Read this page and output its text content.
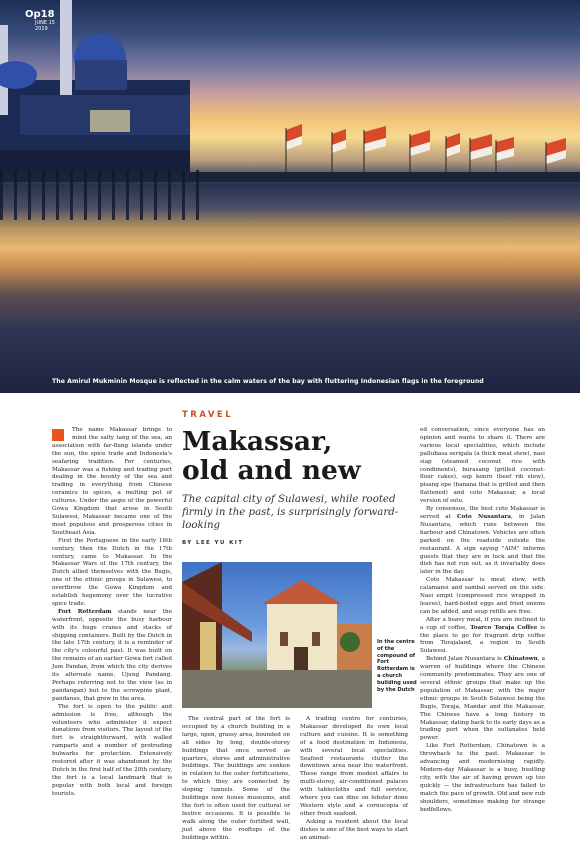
Op18
JUNE 15
2019
The Amirul Mukminin Mosque is reflected in the calm waters of the bay with fluttering Indonesian flags in the foreground
TRAVEL
Makassar,
old and new
The capital city of Sulawesi, while rooted firmly in the past, is surprisingly forward-looking
BY LEE YU KIT

The name Makassar brings to mind the salty tang of the sea, an association with far-flung islands under the sun, the spice trade and Indonesia's seafaring tradition. For centuries, Makassar was a fishing and trading port dealing in the bounty of the sea and trading in everything from Chinese ceramics to spices, a melting pot of cultures. Under the aegis of the powerful Gowa Kingdom that arose in South Sulawesi, Makassar became one of the most populous and prosperous cities in Southeast Asia.

First the Portuguese in the early 16th century, then the Dutch in the 17th century, came to Makassar. In the Makassar Wars of the 17th century, the Dutch allied themselves with the Bugis, one of the ethnic groups in Sulawesi, to overthrow the Gowa Kingdom and establish hegemony over the lucrative spice trade.

Fort Rotterdam stands near the waterfront, opposite the busy harbour with its huge cranes and stacks of shipping containers. Built by the Dutch in the late 17th century, it is a reminder of the city's colourful past. It was built on the remains of an earlier Gowa fort called Jum Pandan, from which the city derives its alternate name, Ujung Pandang. Perhaps referring not to the view (as in pandangan) but to the screwpine plant, pandanus, that grew in the area.

The fort is open to the public and admission is free, although the volunteers who administer it expect donations from visitors. The layout of the fort is straightforward, with walled ramparts and a number of protruding bulwarks for protection. Extensively restored after it was abandoned by the Dutch in the first half of the 20th century, the fort is a local landmark that is popular with both local and foreign tourists.

In the centre of the compound of Fort Rotterdam is a church building used by the Dutch

The central part of the fort is occupied by a church building in a large, open, grassy area, bounded on all sides by long, double-storey buildings that once served as quarters, stores and administrative buildings. The buildings are sunken in relation to the outer fortifications, to which they are connected by sloping tunnels. Some of the buildings now house museums, and the fort is often used for cultural or festive occasions. It is possible to walk along the outer fortified wall, just above the rooftops of the buildings within.

A trading centre for centuries, Makassar developed its own local culture and cuisine. It is something of a food destination in Indonesia, with several local specialities. Seafood restaurants clutter the downtown area near the waterfront. These range from modest affairs to multi-storey, air-conditioned palaces with tablecloths and full service, where you can dine on lobster done Western style and a cornucopia of other fresh seafood.

Asking a resident about the local dishes is one of the best ways to start an animat-

ed conversation, since everyone has an opinion and wants to share it. There are various local specialities, which include pallubasa serigala (a thick meat stew), nasi siap (steamed coconut rice with condiments), burasang (grilled coconut-flour cakes), sop konro (beef rib stew), pisang epe (banana that is grilled and then flattened) and coto Makassar, a local version of soto.

By consensus, the best coto Makassar is served at Coto Nusantara, in Jalan Nusantara, which runs between the harbour and Chinatown. Vehicles are often parked on the roadside outside the restaurant. A sign saying "AIM" informs guests that they are in luck and that the dish has not run out, as it invariably does later in the day.

Coto Makassar is meat stew, with calamansi and sambal served on the side. Nasi empit (compressed rice wrapped in leaves), hard-boiled eggs and fried onions can be added, and soup refills are free.

After a heavy meal, if you are inclined to a cup of coffee, Toarco Toraja Coffee is the place to go for fragrant drip coffee from Torajaland, a region in South Sulawesi.

Behind Jalan Nusantara is Chinatown, a warren of buildings where the Chinese community predominates. They are one of several ethnic groups that make up the population of Makassar, with the major ethnic groups in South Sulawesi being the Bugis, Toraja, Mandar and the Makassar. The Chinese have a long history in Makassar, dating back to its early days as a trading port when the sultanates held power.

Like Fort Rotterdam, Chinatown is a throwback to the past. Makassar is advancing and modernising rapidly. Modern-day Makassar is a busy, bustling city, with the air of having grown up too quickly — the infrastructure has failed to match the pace of growth. Old and new rub shoulders, sometimes making for strange bedfellows.
